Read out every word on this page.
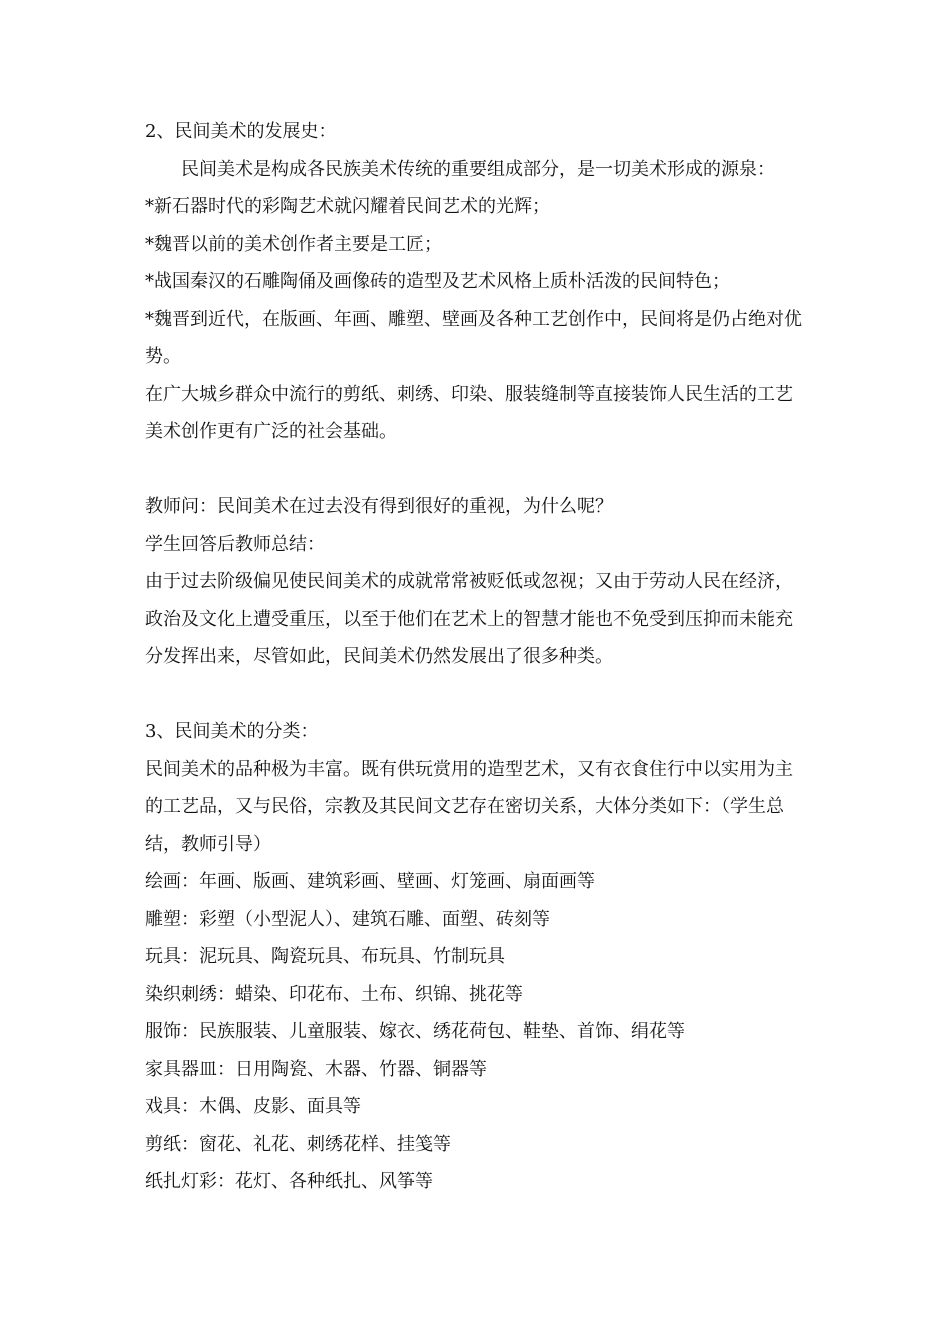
2、民间美术的发展史：

民间美术是构成各民族美术传统的重要组成部分，是一切美术形成的源泉：

*新石器时代的彩陶艺术就闪耀着民间艺术的光辉；

*魏晋以前的美术创作者主要是工匠；

*战国秦汉的石雕陶俑及画像砖的造型及艺术风格上质朴活泼的民间特色；

*魏晋到近代，在版画、年画、雕塑、壁画及各种工艺创作中，民间将是仍占绝对优势。

在广大城乡群众中流行的剪纸、刺绣、印染、服装缝制等直接装饰人民生活的工艺美术创作更有广泛的社会基础。

教师问：民间美术在过去没有得到很好的重视，为什么呢？

学生回答后教师总结：

由于过去阶级偏见使民间美术的成就常常被贬低或忽视；又由于劳动人民在经济，政治及文化上遭受重压，以至于他们在艺术上的智慧才能也不免受到压抑而未能充分发挥出来，尽管如此，民间美术仍然发展出了很多种类。

3、民间美术的分类：

民间美术的品种极为丰富。既有供玩赏用的造型艺术，又有衣食住行中以实用为主的工艺品，又与民俗，宗教及其民间文艺存在密切关系，大体分类如下：（学生总结，教师引导）

绘画：年画、版画、建筑彩画、壁画、灯笼画、扇面画等

雕塑：彩塑（小型泥人）、建筑石雕、面塑、砖刻等

玩具：泥玩具、陶瓷玩具、布玩具、竹制玩具

染织刺绣：蜡染、印花布、土布、织锦、挑花等

服饰：民族服装、儿童服装、嫁衣、绣花荷包、鞋垫、首饰、绢花等

家具器皿：日用陶瓷、木器、竹器、铜器等

戏具：木偶、皮影、面具等

剪纸：窗花、礼花、刺绣花样、挂笺等

纸扎灯彩：花灯、各种纸扎、风筝等
